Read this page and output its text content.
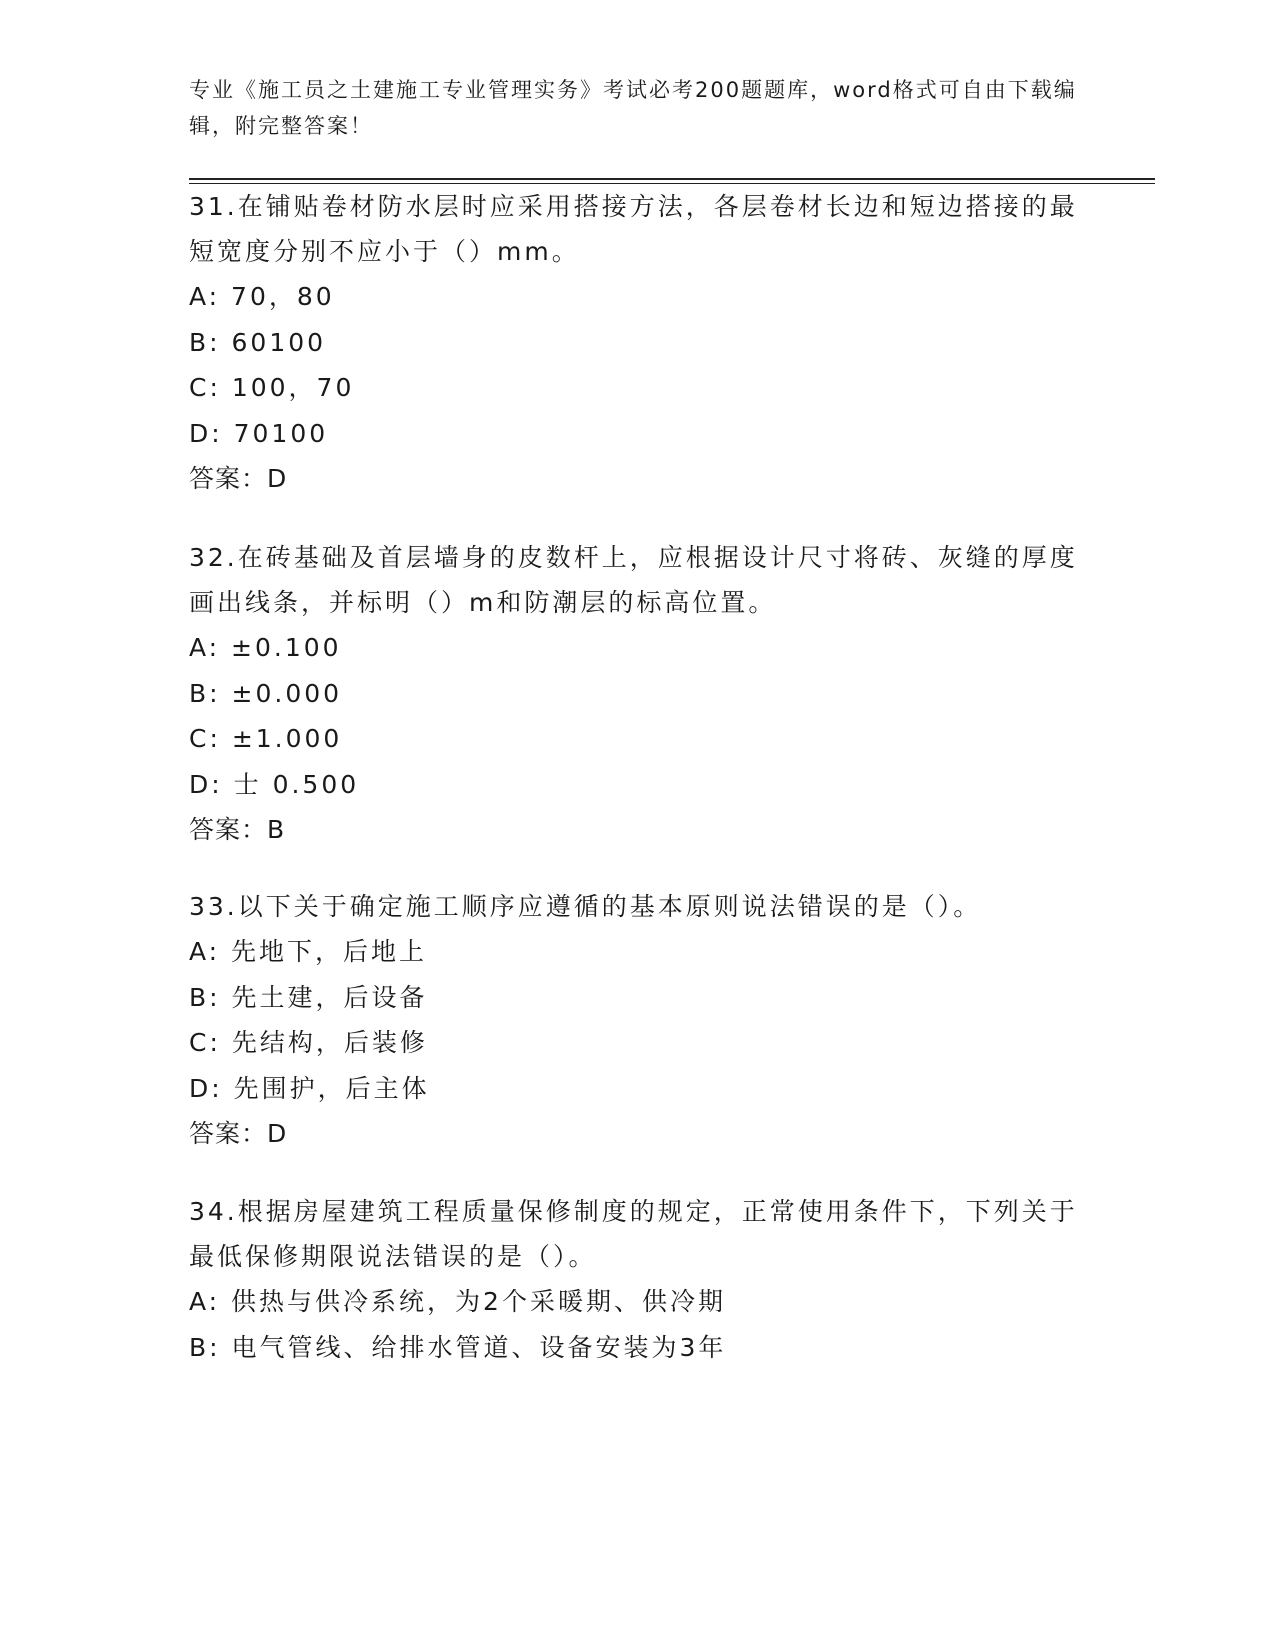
专业《施工员之土建施工专业管理实务》考试必考200题题库，word格式可自由下载编辑，附完整答案！

31.在铺贴卷材防水层时应采用搭接方法，各层卷材长边和短边搭接的最短宽度分别不应小于（）mm。

A: 70，80

B: 60100

C: 100，70

D: 70100

答案：D

32.在砖基础及首层墙身的皮数杆上，应根据设计尺寸将砖、灰缝的厚度画出线条，并标明（）m和防潮层的标高位置。

A: ±0.100

B: ±0.000

C: ±1.000

D: 士 0.500

答案：B

33.以下关于确定施工顺序应遵循的基本原则说法错误的是（）。

A: 先地下，后地上

B: 先土建，后设备

C: 先结构，后装修

D: 先围护，后主体

答案：D

34.根据房屋建筑工程质量保修制度的规定，正常使用条件下，下列关于最低保修期限说法错误的是（）。

A: 供热与供冷系统，为2个采暖期、供冷期

B: 电气管线、给排水管道、设备安装为3年
